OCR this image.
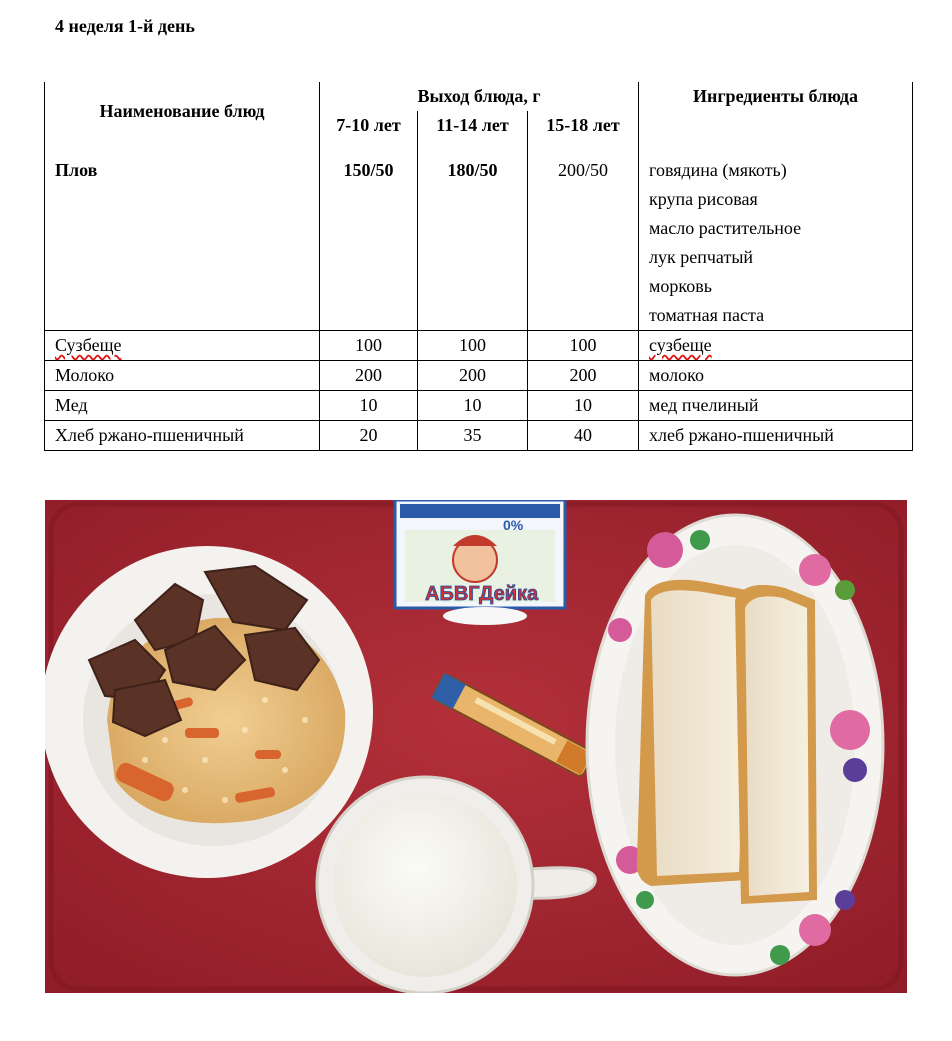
4 неделя 1-й день
Наименование блюд	Выход блюда, г			Ингредиенты блюда
	7-10 лет	11-14 лет	15-18 лет	

Плов	150/50	180/50	200/50	говядина (мякоть)
				крупа рисовая
				масло растительное
				лук репчатый
				морковь
				томатная паста
Сузбеще	100	100	100	сузбеще
Молоко	200	200	200	молоко
Мед	10	10	10	мед пчелиный
Хлеб ржано-пшеничный	20	35	40	хлеб ржано-пшеничный
0%
АБВГДейка
